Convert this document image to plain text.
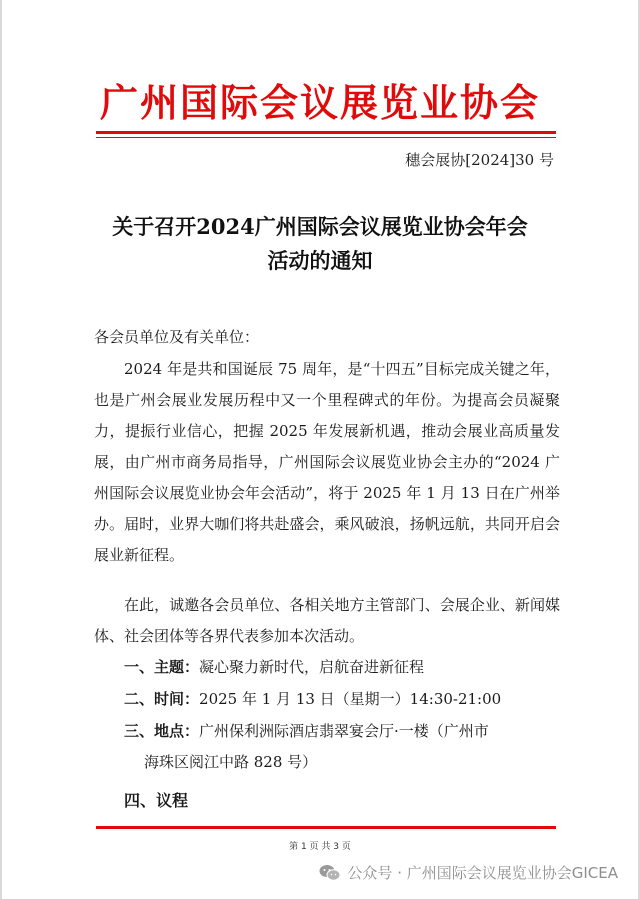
广州国际会议展览业协会
穗会展协[2024]30 号
关于召开2024广州国际会议展览业协会年会
活动的通知
各会员单位及有关单位：
2024 年是共和国诞辰 75 周年，是“十四五”目标完成关键之年，也是广州会展业发展历程中又一个里程碑式的年份。为提高会员凝聚力，提振行业信心，把握 2025 年发展新机遇，推动会展业高质量发展，由广州市商务局指导，广州国际会议展览业协会主办的“2024 广州国际会议展览业协会年会活动”，将于 2025 年 1 月 13 日在广州举办。届时，业界大咖们将共赴盛会，乘风破浪，扬帆远航，共同开启会展业新征程。
在此，诚邀各会员单位、各相关地方主管部门、会展企业、新闻媒体、社会团体等各界代表参加本次活动。
一、主题：凝心聚力新时代，启航奋进新征程
二、时间：2025 年 1 月 13 日（星期一）14:30-21:00
三、地点：广州保利洲际酒店翡翠宴会厅·一楼（广州市
海珠区阅江中路 828 号）
四、议程
第 1 页 共 3 页
公众号 · 广州国际会议展览业协会GICEA
